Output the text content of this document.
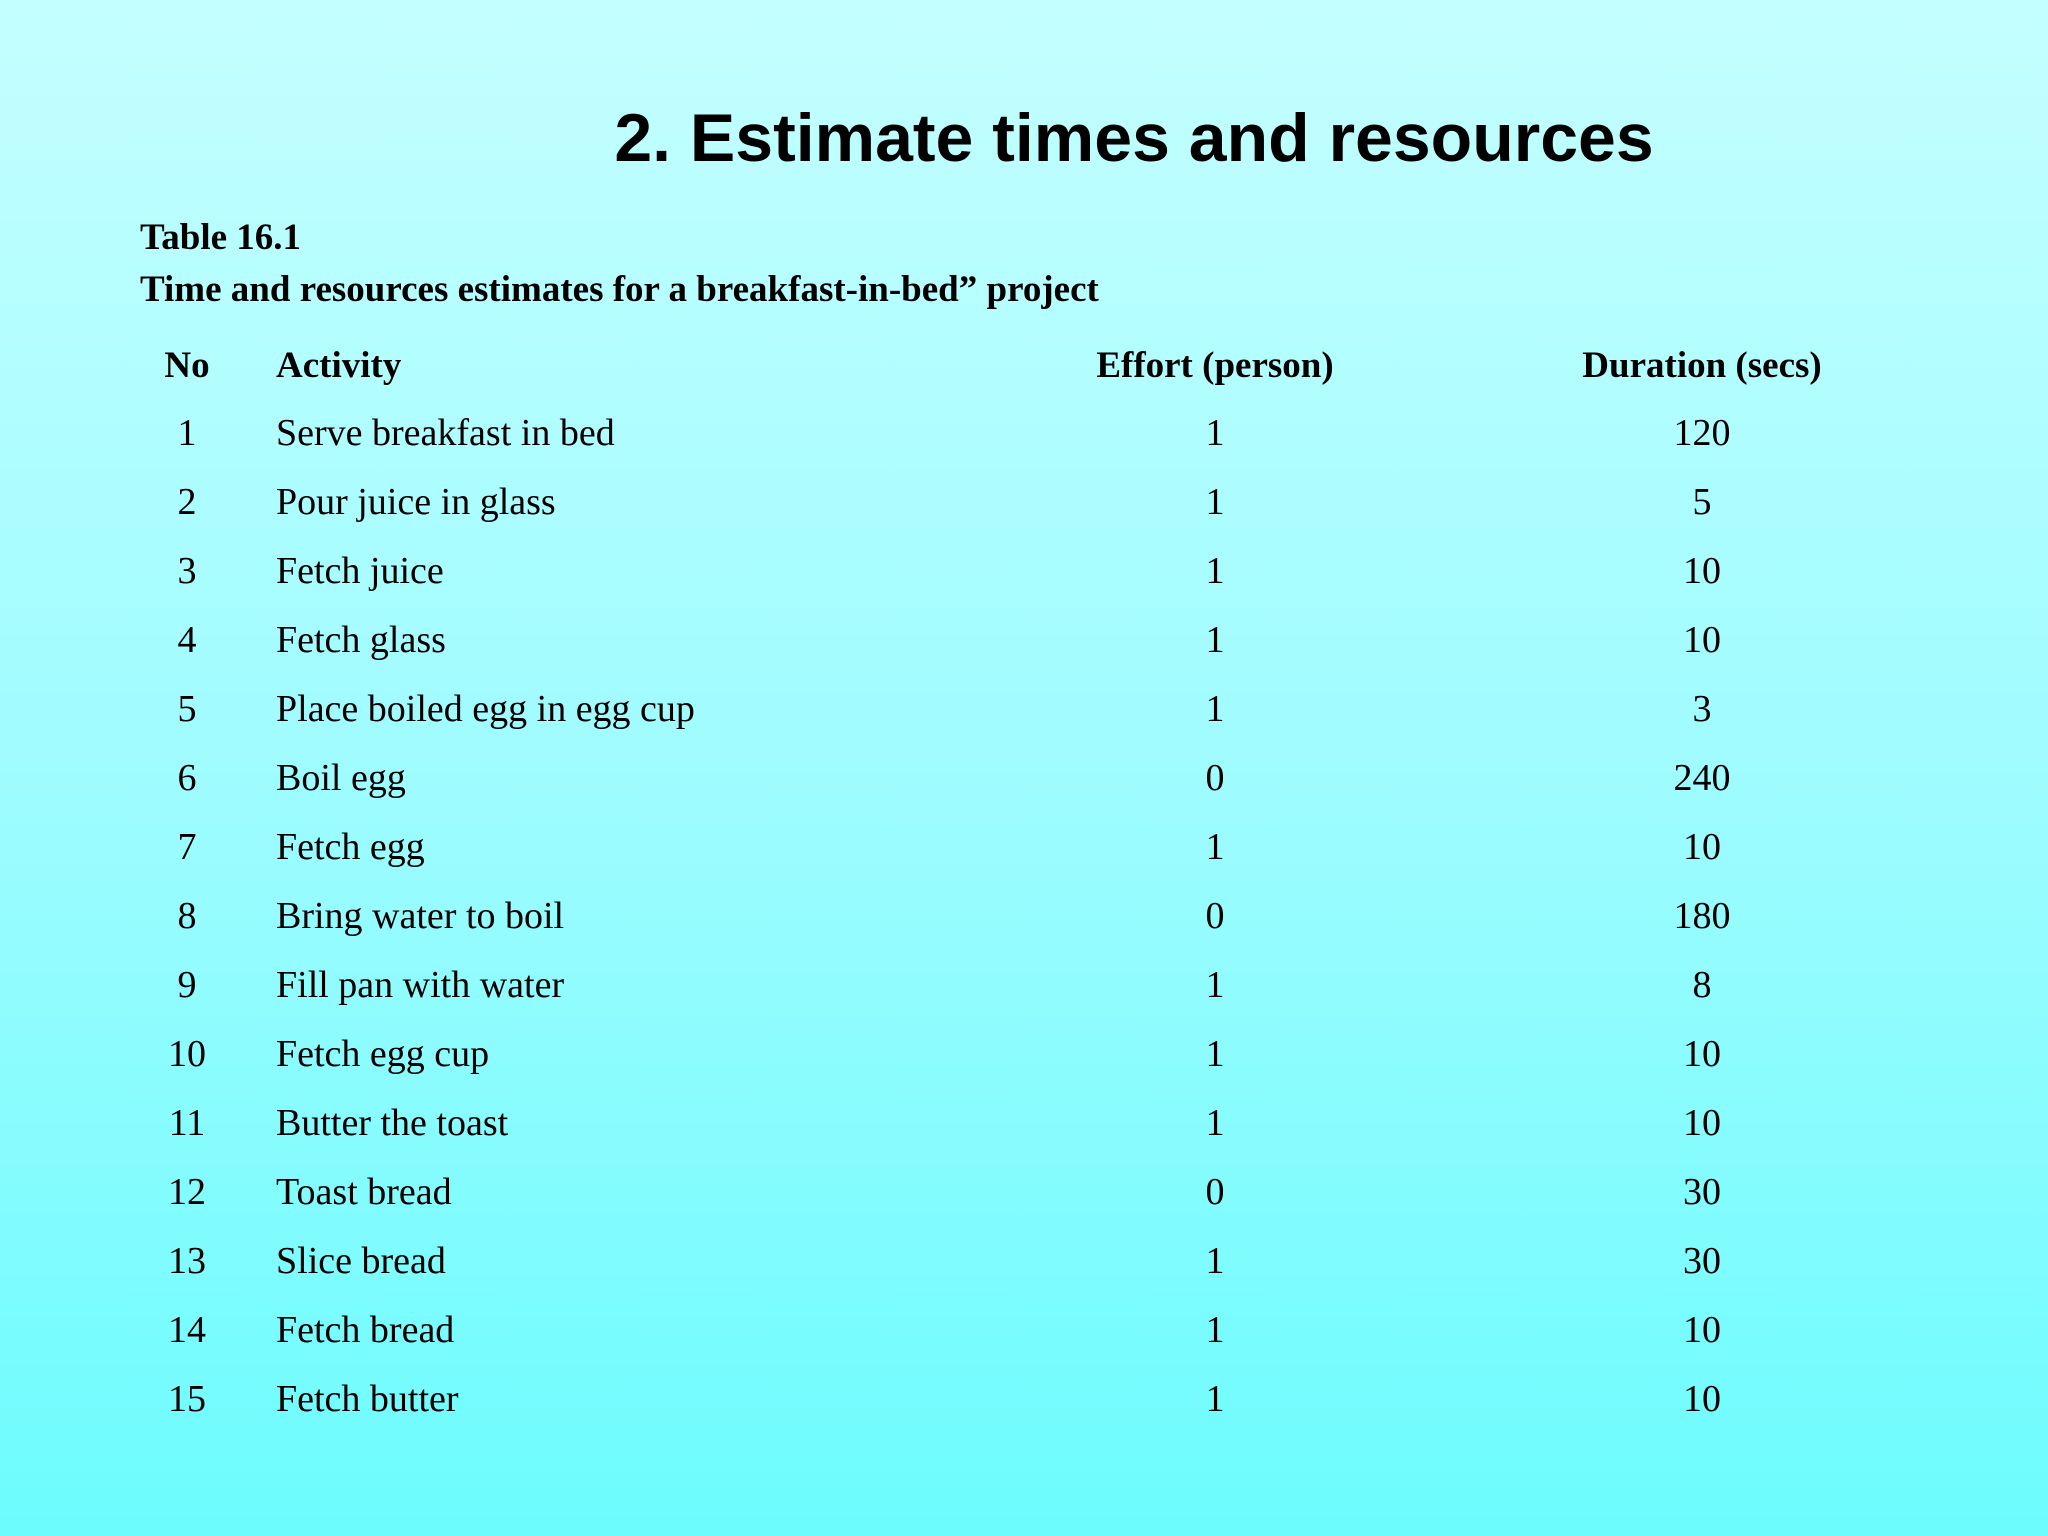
2. Estimate times and resources
Table 16.1
Time and resources estimates for a breakfast-in-bed” project
No	Activity	Effort (person)	Duration (secs)
1	Serve breakfast in bed	1	120
2	Pour juice in glass	1	5
3	Fetch juice	1	10
4	Fetch glass	1	10
5	Place boiled egg in egg cup	1	3
6	Boil egg	0	240
7	Fetch egg	1	10
8	Bring water to boil	0	180
9	Fill pan with water	1	8
10	Fetch egg cup	1	10
11	Butter the toast	1	10
12	Toast bread	0	30
13	Slice bread	1	30
14	Fetch bread	1	10
15	Fetch butter	1	10
